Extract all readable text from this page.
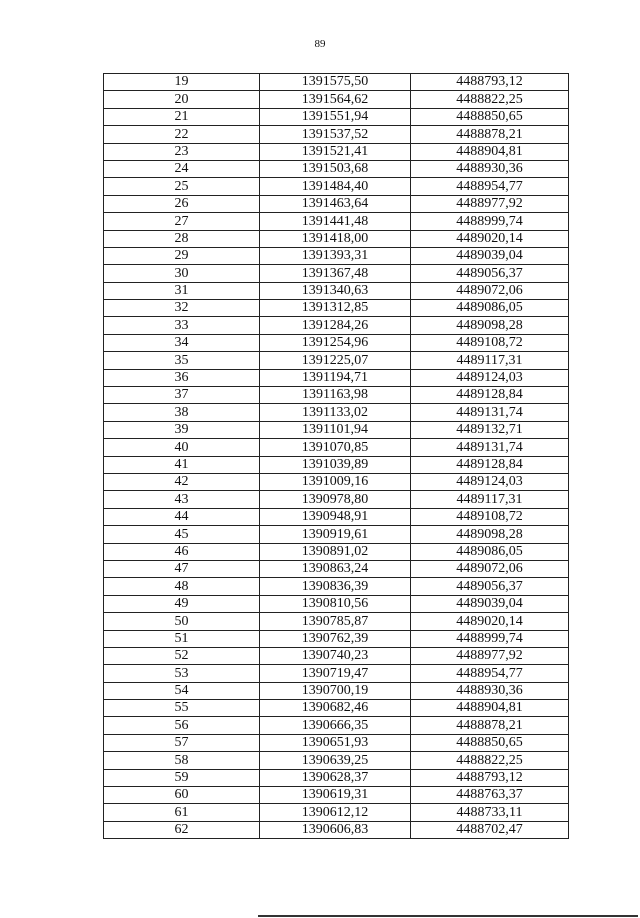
89
19	1391575,50	4488793,12
20	1391564,62	4488822,25
21	1391551,94	4488850,65
22	1391537,52	4488878,21
23	1391521,41	4488904,81
24	1391503,68	4488930,36
25	1391484,40	4488954,77
26	1391463,64	4488977,92
27	1391441,48	4488999,74
28	1391418,00	4489020,14
29	1391393,31	4489039,04
30	1391367,48	4489056,37
31	1391340,63	4489072,06
32	1391312,85	4489086,05
33	1391284,26	4489098,28
34	1391254,96	4489108,72
35	1391225,07	4489117,31
36	1391194,71	4489124,03
37	1391163,98	4489128,84
38	1391133,02	4489131,74
39	1391101,94	4489132,71
40	1391070,85	4489131,74
41	1391039,89	4489128,84
42	1391009,16	4489124,03
43	1390978,80	4489117,31
44	1390948,91	4489108,72
45	1390919,61	4489098,28
46	1390891,02	4489086,05
47	1390863,24	4489072,06
48	1390836,39	4489056,37
49	1390810,56	4489039,04
50	1390785,87	4489020,14
51	1390762,39	4488999,74
52	1390740,23	4488977,92
53	1390719,47	4488954,77
54	1390700,19	4488930,36
55	1390682,46	4488904,81
56	1390666,35	4488878,21
57	1390651,93	4488850,65
58	1390639,25	4488822,25
59	1390628,37	4488793,12
60	1390619,31	4488763,37
61	1390612,12	4488733,11
62	1390606,83	4488702,47
